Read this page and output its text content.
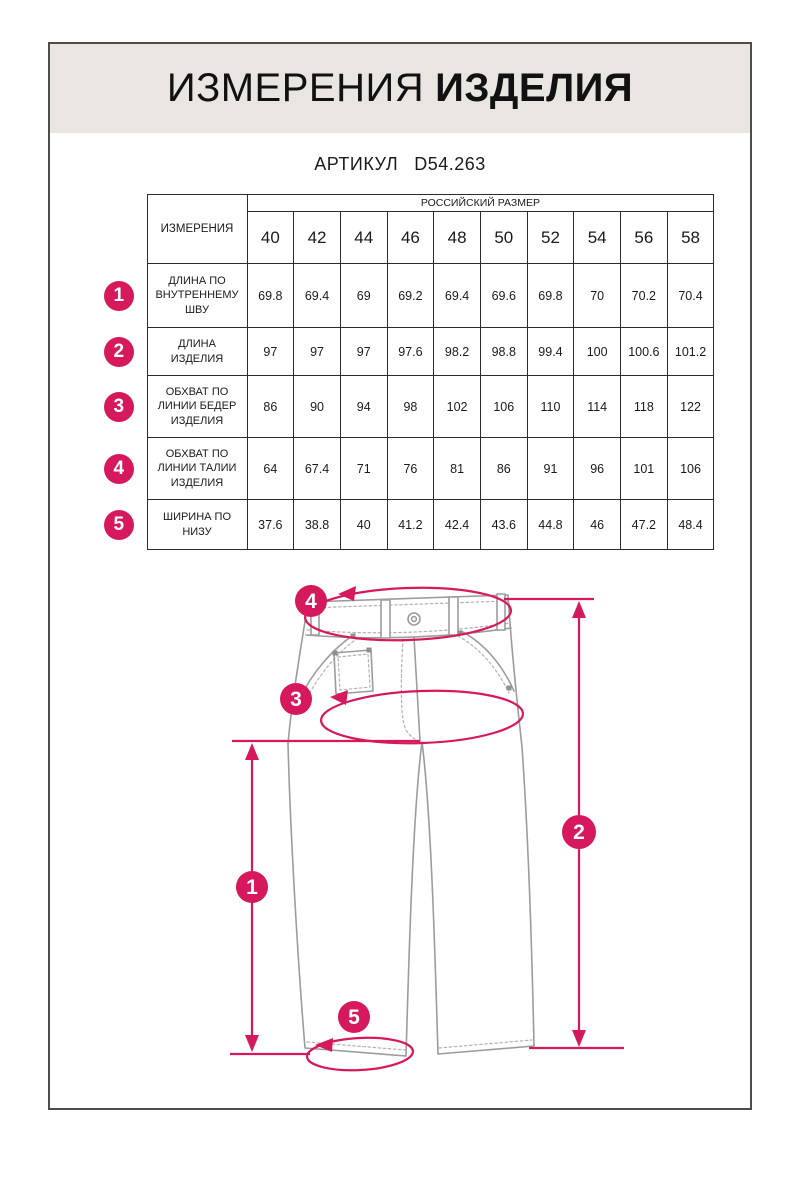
ИЗМЕРЕНИЯ ИЗДЕЛИЯ
АРТИКУЛ D54.263
	ИЗМЕРЕНИЯ	РОССИЙСКИЙ РАЗМЕР									
		40	42	44	46	48	50	52	54	56	58

1	ДЛИНА ПО ВНУТРЕННЕМУ ШВУ	69.8	69.4	69	69.2	69.4	69.6	69.8	70	70.2	70.4

2	ДЛИНА ИЗДЕЛИЯ	97	97	97	97.6	98.2	98.8	99.4	100	100.6	101.2

3	ОБХВАТ ПО ЛИНИИ БЕДЕР ИЗДЕЛИЯ	86	90	94	98	102	106	110	114	118	122

4	ОБХВАТ ПО ЛИНИИ ТАЛИИ ИЗДЕЛИЯ	64	67.4	71	76	81	86	91	96	101	106

5	ШИРИНА ПО НИЗУ	37.6	38.8	40	41.2	42.4	43.6	44.8	46	47.2	48.4
1
2
3
4
5
